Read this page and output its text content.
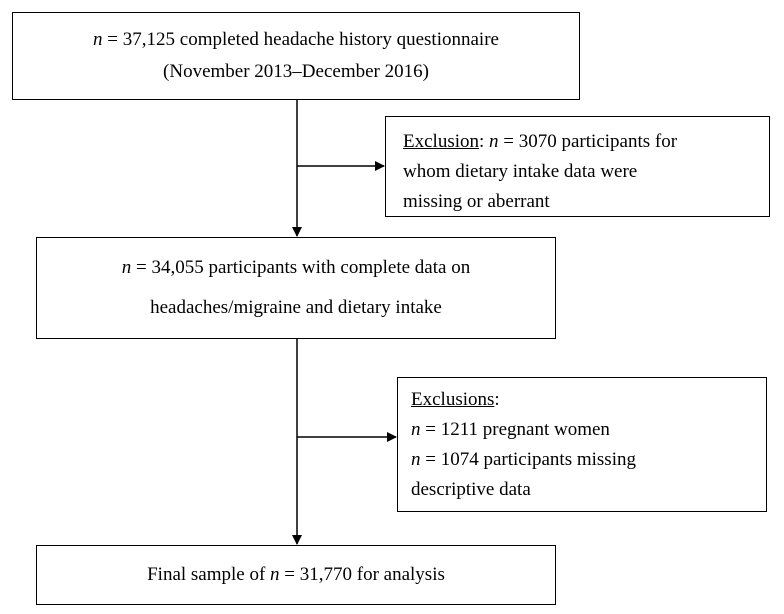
n = 37,125 completed headache history questionnaire
(November 2013–December 2016)
Exclusion: n = 3070 participants for
whom dietary intake data were
missing or aberrant
n = 34,055 participants with complete data on
headaches/migraine and dietary intake
Exclusions:
n = 1211 pregnant women
n = 1074 participants missing
descriptive data
Final sample of n = 31,770 for analysis
